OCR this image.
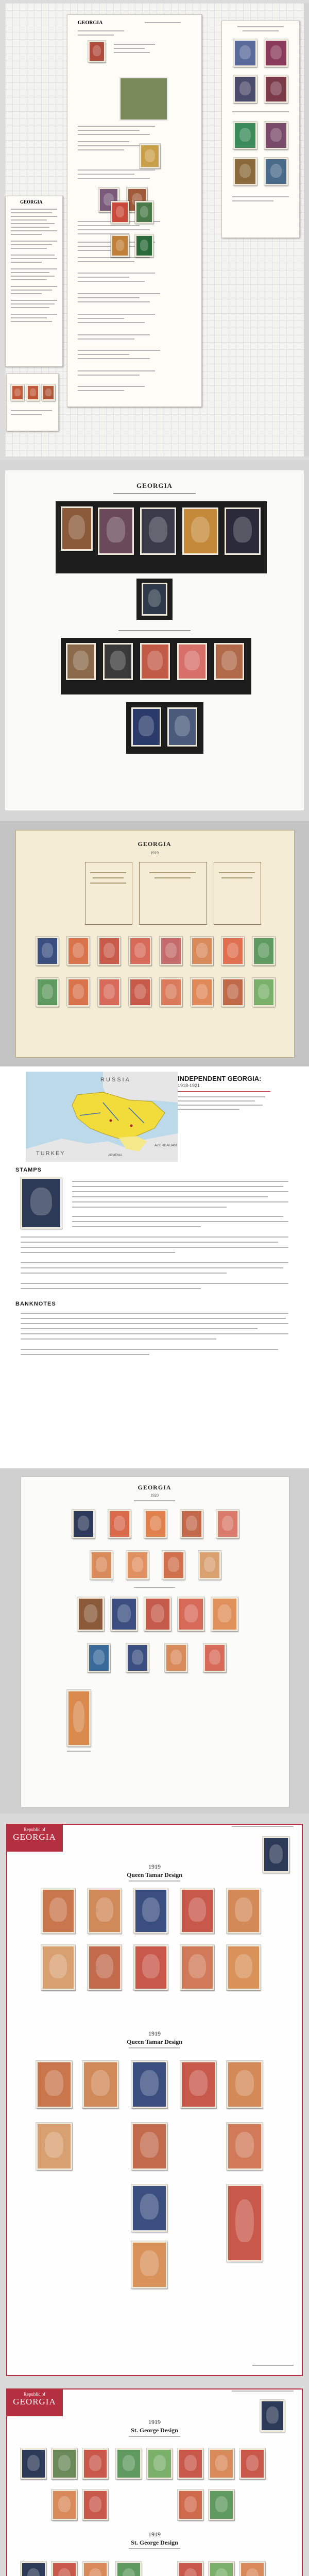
GEORGIA
GEORGIA
GEORGIA
GEORGIA
1919
RUSSIA
TURKEY	ARMENIA
AZERBAIJAN
INDEPENDENT GEORGIA:
1918-1921
STAMPS
BANKNOTES
GEORGIA
1920
Republic of
GEORGIA
1919
Queen Tamar Design
1919
Queen Tamar Design
Republic of
GEORGIA
1919
St. George Design
1919
St. George Design
